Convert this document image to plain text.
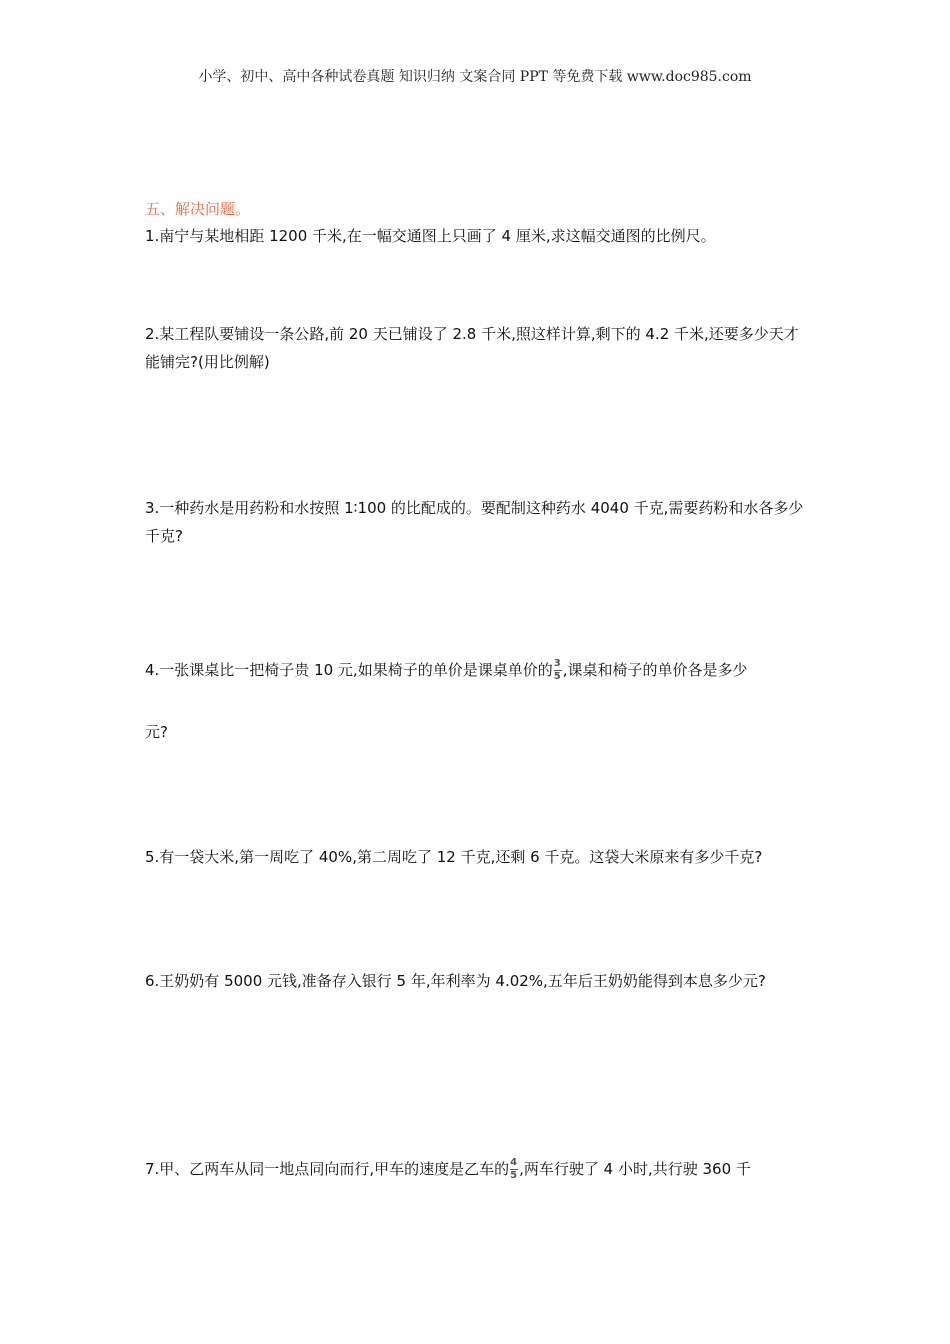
小学、初中、高中各种试卷真题 知识归纳 文案合同 PPT 等免费下载 www.doc985.com
五、解决问题。
1.南宁与某地相距 1200 千米,在一幅交通图上只画了 4 厘米,求这幅交通图的比例尺。
2.某工程队要铺设一条公路,前 20 天已铺设了 2.8 千米,照这样计算,剩下的 4.2 千米,还要多少天才能铺完?(用比例解)
3.一种药水是用药粉和水按照 1∶100 的比配成的。要配制这种药水 4040 千克,需要药粉和水各多少千克?
4.一张课桌比一把椅子贵 10 元,如果椅子的单价是课桌单价的 $\frac{3}{5}$ ,课桌和椅子的单价各是多少
元?
5.有一袋大米,第一周吃了 40%,第二周吃了 12 千克,还剩 6 千克。这袋大米原来有多少千克?
6.王奶奶有 5000 元钱,准备存入银行 5 年,年利率为 4.02%,五年后王奶奶能得到本息多少元?
7.甲、乙两车从同一地点同向而行,甲车的速度是乙车的 $\frac{4}{5}$ ,两车行驶了 4 小时,共行驶 360 千
